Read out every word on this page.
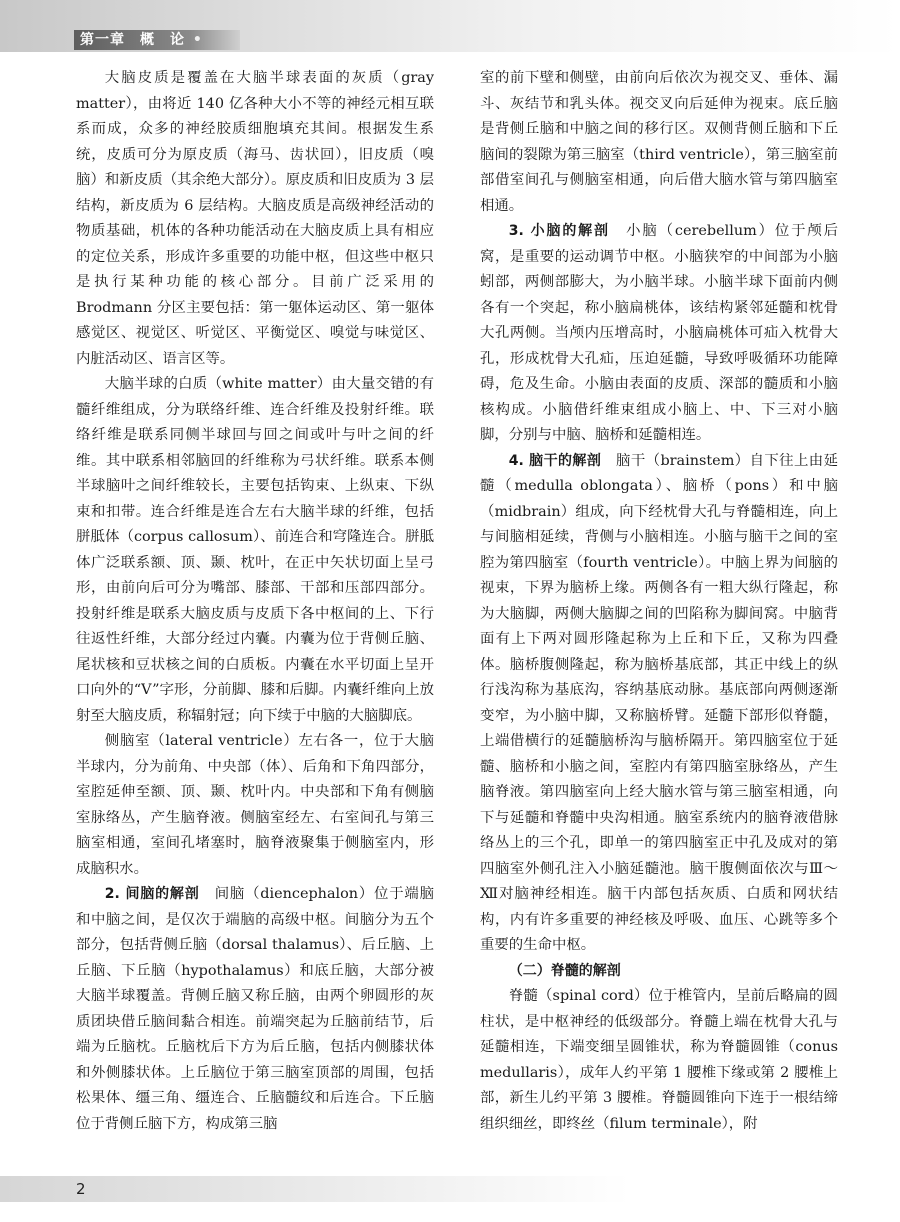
第一章　概　论 •

大脑皮质是覆盖在大脑半球表面的灰质（gray matter），由将近 140 亿各种大小不等的神经元相互联系而成，众多的神经胶质细胞填充其间。根据发生系统，皮质可分为原皮质（海马、齿状回），旧皮质（嗅脑）和新皮质（其余绝大部分）。原皮质和旧皮质为 3 层结构，新皮质为 6 层结构。大脑皮质是高级神经活动的物质基础，机体的各种功能活动在大脑皮质上具有相应的定位关系，形成许多重要的功能中枢，但这些中枢只是执行某种功能的核心部分。目前广泛采用的 Brodmann 分区主要包括：第一躯体运动区、第一躯体感觉区、视觉区、听觉区、平衡觉区、嗅觉与味觉区、内脏活动区、语言区等。

大脑半球的白质（white matter）由大量交错的有髓纤维组成，分为联络纤维、连合纤维及投射纤维。联络纤维是联系同侧半球回与回之间或叶与叶之间的纤维。其中联系相邻脑回的纤维称为弓状纤维。联系本侧半球脑叶之间纤维较长，主要包括钩束、上纵束、下纵束和扣带。连合纤维是连合左右大脑半球的纤维，包括胼胝体（corpus callosum）、前连合和穹隆连合。胼胝体广泛联系额、顶、颞、枕叶，在正中矢状切面上呈弓形，由前向后可分为嘴部、膝部、干部和压部四部分。投射纤维是联系大脑皮质与皮质下各中枢间的上、下行往返性纤维，大部分经过内囊。内囊为位于背侧丘脑、尾状核和豆状核之间的白质板。内囊在水平切面上呈开口向外的“V”字形，分前脚、膝和后脚。内囊纤维向上放射至大脑皮质，称辐射冠；向下续于中脑的大脑脚底。

侧脑室（lateral ventricle）左右各一，位于大脑半球内，分为前角、中央部（体）、后角和下角四部分，室腔延伸至额、顶、颞、枕叶内。中央部和下角有侧脑室脉络丛，产生脑脊液。侧脑室经左、右室间孔与第三脑室相通，室间孔堵塞时，脑脊液聚集于侧脑室内，形成脑积水。

2. 间脑的解剖　间脑（diencephalon）位于端脑和中脑之间，是仅次于端脑的高级中枢。间脑分为五个部分，包括背侧丘脑（dorsal thalamus）、后丘脑、上丘脑、下丘脑（hypothalamus）和底丘脑，大部分被大脑半球覆盖。背侧丘脑又称丘脑，由两个卵圆形的灰质团块借丘脑间黏合相连。前端突起为丘脑前结节，后端为丘脑枕。丘脑枕后下方为后丘脑，包括内侧膝状体和外侧膝状体。上丘脑位于第三脑室顶部的周围，包括松果体、缰三角、缰连合、丘脑髓纹和后连合。下丘脑位于背侧丘脑下方，构成第三脑

室的前下壁和侧壁，由前向后依次为视交叉、垂体、漏斗、灰结节和乳头体。视交叉向后延伸为视束。底丘脑是背侧丘脑和中脑之间的移行区。双侧背侧丘脑和下丘脑间的裂隙为第三脑室（third ventricle），第三脑室前部借室间孔与侧脑室相通，向后借大脑水管与第四脑室相通。

3. 小脑的解剖　小脑（cerebellum）位于颅后窝，是重要的运动调节中枢。小脑狭窄的中间部为小脑蚓部，两侧部膨大，为小脑半球。小脑半球下面前内侧各有一个突起，称小脑扁桃体，该结构紧邻延髓和枕骨大孔两侧。当颅内压增高时，小脑扁桃体可疝入枕骨大孔，形成枕骨大孔疝，压迫延髓，导致呼吸循环功能障碍，危及生命。小脑由表面的皮质、深部的髓质和小脑核构成。小脑借纤维束组成小脑上、中、下三对小脑脚，分别与中脑、脑桥和延髓相连。

4. 脑干的解剖　脑干（brainstem）自下往上由延髓（medulla oblongata）、脑桥（pons）和中脑（midbrain）组成，向下经枕骨大孔与脊髓相连，向上与间脑相延续，背侧与小脑相连。小脑与脑干之间的室腔为第四脑室（fourth ventricle）。中脑上界为间脑的视束，下界为脑桥上缘。两侧各有一粗大纵行隆起，称为大脑脚，两侧大脑脚之间的凹陷称为脚间窝。中脑背面有上下两对圆形隆起称为上丘和下丘，又称为四叠体。脑桥腹侧隆起，称为脑桥基底部，其正中线上的纵行浅沟称为基底沟，容纳基底动脉。基底部向两侧逐渐变窄，为小脑中脚，又称脑桥臂。延髓下部形似脊髓，上端借横行的延髓脑桥沟与脑桥隔开。第四脑室位于延髓、脑桥和小脑之间，室腔内有第四脑室脉络丛，产生脑脊液。第四脑室向上经大脑水管与第三脑室相通，向下与延髓和脊髓中央沟相通。脑室系统内的脑脊液借脉络丛上的三个孔，即单一的第四脑室正中孔及成对的第四脑室外侧孔注入小脑延髓池。脑干腹侧面依次与Ⅲ～Ⅻ对脑神经相连。脑干内部包括灰质、白质和网状结构，内有许多重要的神经核及呼吸、血压、心跳等多个重要的生命中枢。

（二）脊髓的解剖

脊髓（spinal cord）位于椎管内，呈前后略扁的圆柱状，是中枢神经的低级部分。脊髓上端在枕骨大孔与延髓相连，下端变细呈圆锥状，称为脊髓圆锥（conus medullaris），成年人约平第 1 腰椎下缘或第 2 腰椎上部，新生儿约平第 3 腰椎。脊髓圆锥向下连于一根结缔组织细丝，即终丝（filum terminale），附

2
